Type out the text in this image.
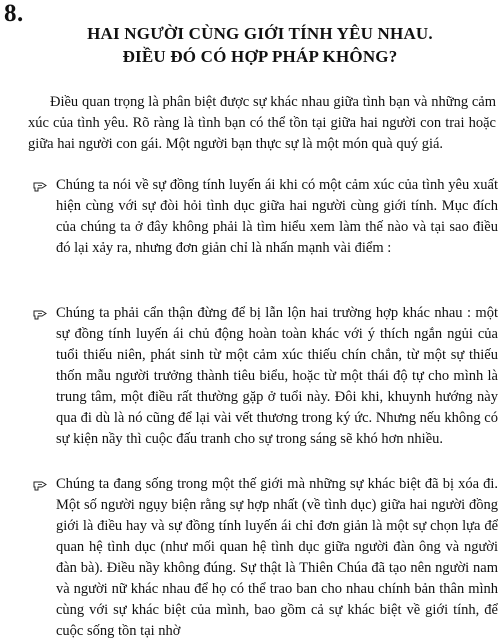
8.
HAI NGƯỜI CÙNG GIỚI TÍNH YÊU NHAU.
ĐIỀU ĐÓ CÓ HỢP PHÁP KHÔNG?

Điều quan trọng là phân biệt được sự khác nhau giữa tình bạn và những cảm xúc của tình yêu. Rõ ràng là tình bạn có thể tồn tại giữa hai người con trai hoặc giữa hai người con gái. Một người bạn thực sự là một món quà quý giá.

Chúng ta nói về sự đồng tính luyến ái khi có một cảm xúc của tình yêu xuất hiện cùng với sự đòi hỏi tình dục giữa hai người cùng giới tính. Mục đích của chúng ta ở đây không phải là tìm hiểu xem làm thế nào và tại sao điều đó lại xảy ra, nhưng đơn giản chỉ là nhấn mạnh vài điểm :

Chúng ta phải cẩn thận đừng để bị lẫn lộn hai trường hợp khác nhau : một sự đồng tính luyến ái chủ động hoàn toàn khác với ý thích ngắn ngủi của tuổi thiếu niên, phát sinh từ một cảm xúc thiếu chín chắn, từ một sự thiếu thốn mẫu người trưởng thành tiêu biểu, hoặc từ một thái độ tự cho mình là trung tâm, một điều rất thường gặp ở tuổi này. Đôi khi, khuynh hướng này qua đi dù là nó cũng để lại vài vết thương trong ký ức. Nhưng nếu không có sự kiện nầy thì cuộc đấu tranh cho sự trong sáng sẽ khó hơn nhiều.

Chúng ta đang sống trong một thế giới mà những sự khác biệt đã bị xóa đi. Một số người ngụy biện rằng sự hợp nhất (về tình dục) giữa hai người đồng giới là điều hay và sự đồng tính luyến ái chỉ đơn giản là một sự chọn lựa để quan hệ tình dục (như mối quan hệ tình dục giữa người đàn ông và người đàn bà). Điều nầy không đúng. Sự thật là Thiên Chúa đã tạo nên người nam và người nữ khác nhau để họ có thể trao ban cho nhau chính bản thân mình cùng với sự khác biệt của mình, bao gồm cả sự khác biệt về giới tính, để cuộc sống tồn tại nhờ
